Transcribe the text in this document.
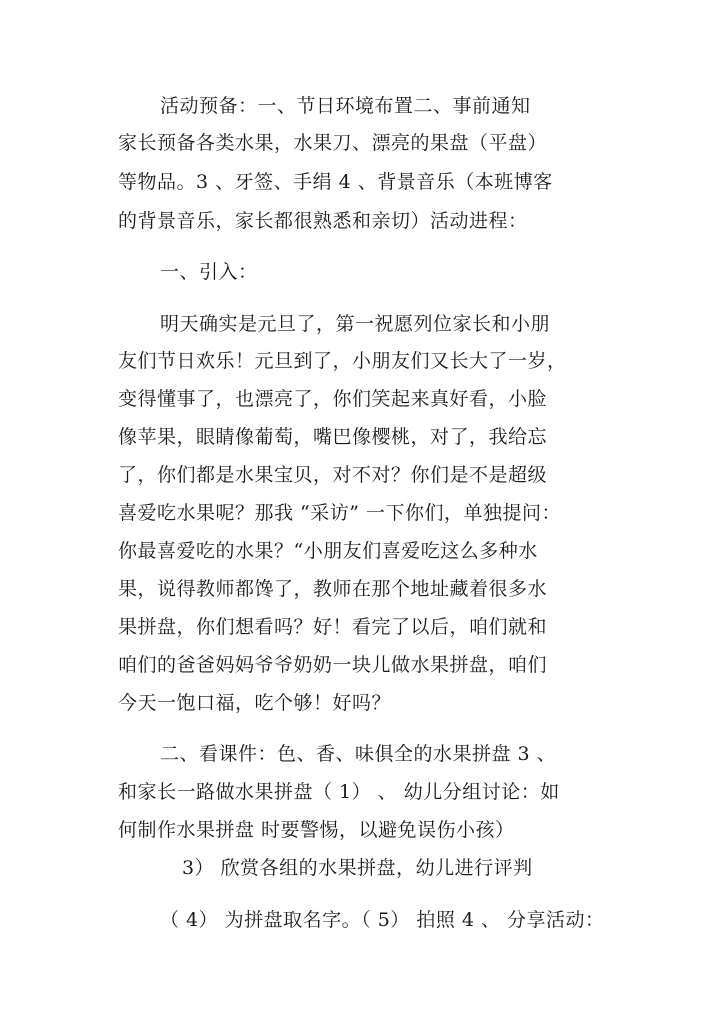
活动预备：一、节日环境布置二、事前通知
家长预备各类水果，水果刀、漂亮的果盘（平盘）
等物品。3 、牙签、手绢 4 、背景音乐（本班博客
的背景音乐，家长都很熟悉和亲切）活动进程：
一、引入：
明天确实是元旦了，第一祝愿列位家长和小朋
友们节日欢乐！元旦到了，小朋友们又长大了一岁，
变得懂事了，也漂亮了，你们笑起来真好看，小脸
像苹果，眼睛像葡萄，嘴巴像樱桃，对了，我给忘
了，你们都是水果宝贝，对不对？你们是不是超级
喜爱吃水果呢？那我 “采访” 一下你们，单独提问：
你最喜爱吃的水果？“小朋友们喜爱吃这么多种水
果，说得教师都馋了，教师在那个地址藏着很多水
果拼盘，你们想看吗？好！看完了以后，咱们就和
咱们的爸爸妈妈爷爷奶奶一块儿做水果拼盘，咱们
今天一饱口福，吃个够！好吗？
二、看课件：色、香、味俱全的水果拼盘 3 、
和家长一路做水果拼盘（ 1） 、 幼儿分组讨论：如
何制作水果拼盘 时要警惕，以避免误伤小孩）
3） 欣赏各组的水果拼盘，幼儿进行评判
（ 4） 为拼盘取名字。（ 5） 拍照 4 、 分享活动：
